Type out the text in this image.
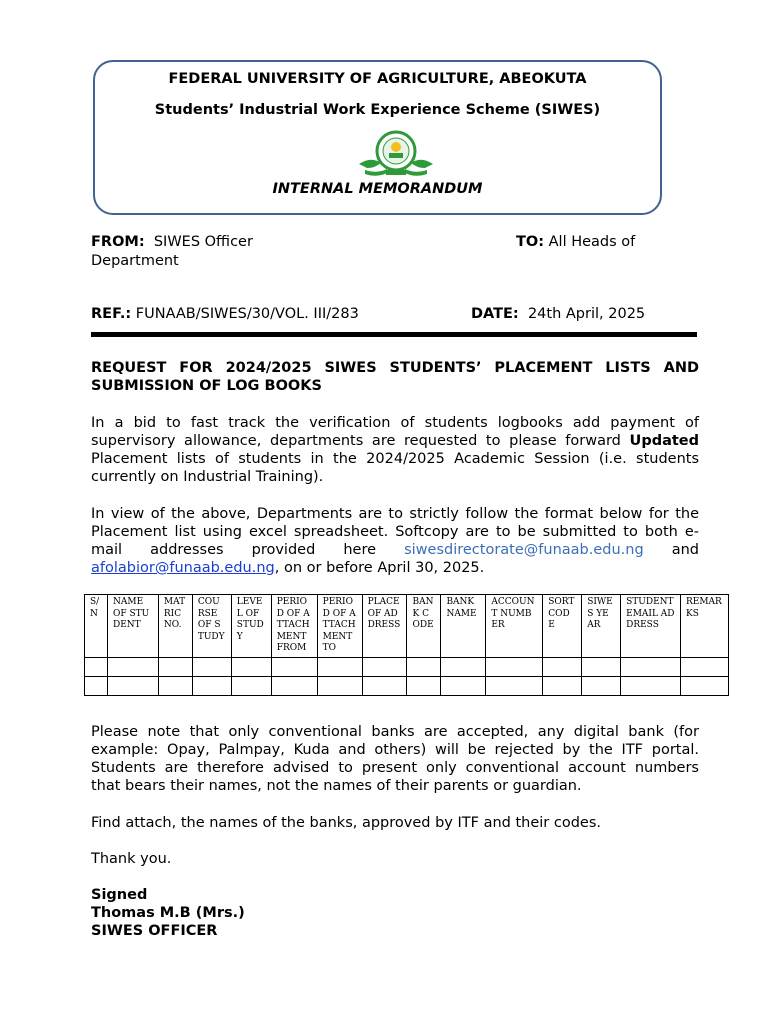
FEDERAL UNIVERSITY OF AGRICULTURE, ABEOKUTA
Students’ Industrial Work Experience Scheme (SIWES)
INTERNAL MEMORANDUM
FROM: SIWES Officer	TO: All Heads of
Department
REF.: FUNAAB/SIWES/30/VOL. III/283	DATE: 24th April, 2025
REQUEST FOR 2024/2025 SIWES STUDENTS’ PLACEMENT LISTS AND
SUBMISSION OF LOG BOOKS
In a bid to fast track the verification of students logbooks add payment of
supervisory allowance, departments are requested to please forward Updated
Placement lists of students in the 2024/2025 Academic Session (i.e. students
currently on Industrial Training).
In view of the above, Departments are to strictly follow the format below for the
Placement list using excel spreadsheet. Softcopy are to be submitted to both e-
mail addresses provided here siwesdirectorate@funaab.edu.ng and
afolabior@funaab.edu.ng, on or before April 30, 2025.
S/N	NAME OF STUDENT	MATRIC NO.	COURSE OF STUDY	LEVEL OF STUDY	PERIOD OF ATTACHMENT FROM	PERIOD OF ATTACHMENT TO	PLACE OF ADDRESS	BANK CODE	BANK NAME	ACCOUNT NUMBER	SORT CODE	SIWES YEAR	STUDENT EMAIL ADDRESS	REMARKS

Please note that only conventional banks are accepted, any digital bank (for
example: Opay, Palmpay, Kuda and others) will be rejected by the ITF portal.
Students are therefore advised to present only conventional account numbers
that bears their names, not the names of their parents or guardian.
Find attach, the names of the banks, approved by ITF and their codes.
Thank you.
Signed
Thomas M.B (Mrs.)
SIWES OFFICER
